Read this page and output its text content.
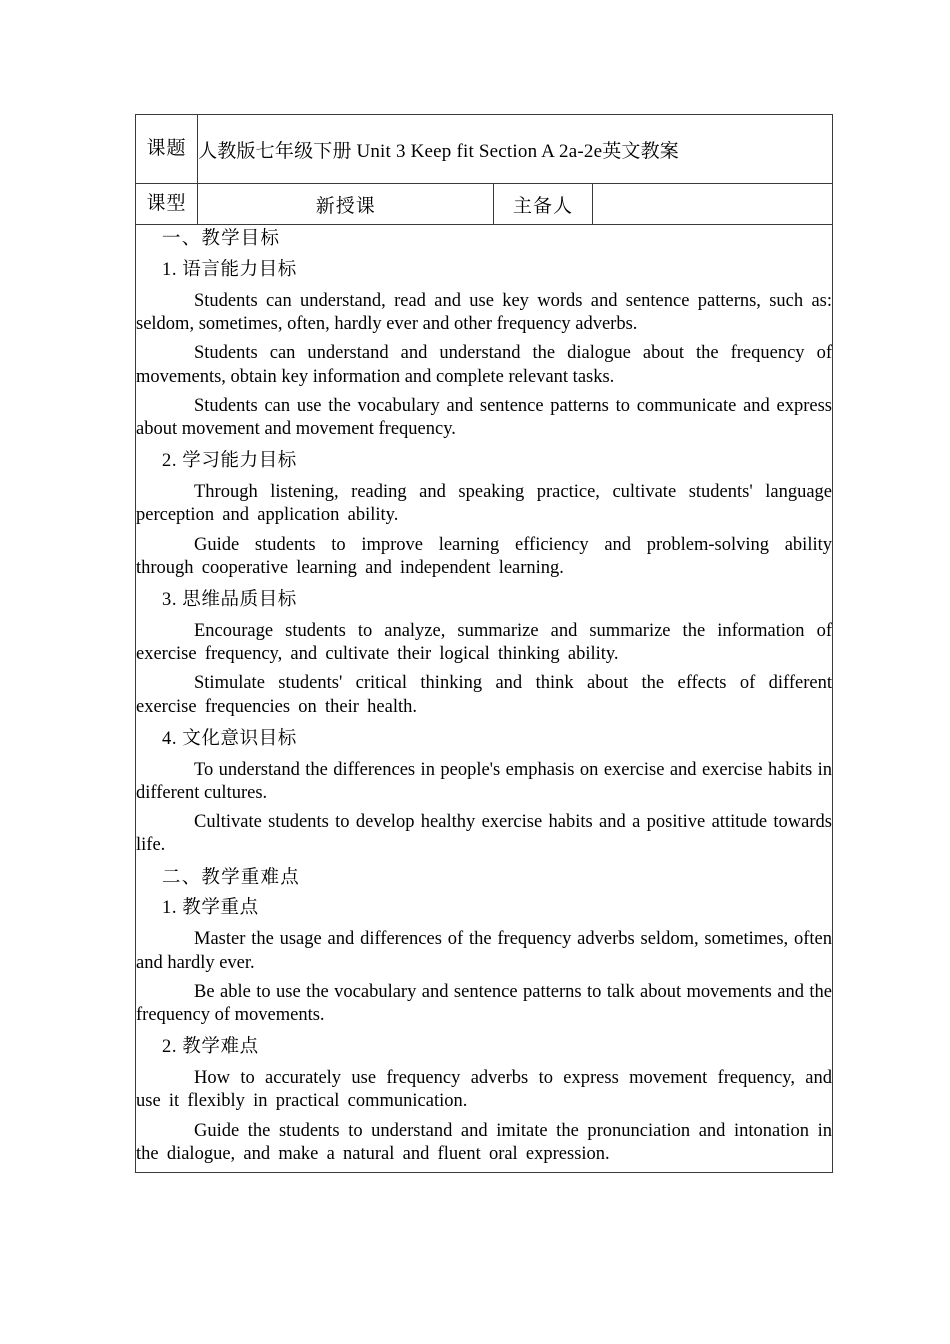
课题	人教版七年级下册 Unit 3 Keep fit Section A 2a-2e英文教案		
课型	新授课	主备人	

一、教学目标
1. 语言能力目标

Students can understand, read and use key words and sentence patterns, such as: seldom, sometimes, often, hardly ever and other frequency adverbs.

Students can understand and understand the dialogue about the frequency of movements, obtain key information and complete relevant tasks.

Students can use the vocabulary and sentence patterns to communicate and express about movement and movement frequency.

2. 学习能力目标

Through listening, reading and speaking practice, cultivate students' language perception and application ability.

Guide students to improve learning efficiency and problem-solving ability through cooperative learning and independent learning.

3. 思维品质目标

Encourage students to analyze, summarize and summarize the information of exercise frequency, and cultivate their logical thinking ability.

Stimulate students' critical thinking and think about the effects of different exercise frequencies on their health.

4. 文化意识目标

To understand the differences in people's emphasis on exercise and exercise habits in different cultures.

Cultivate students to develop healthy exercise habits and a positive attitude towards life.

二、教学重难点
1. 教学重点

Master the usage and differences of the frequency adverbs seldom, sometimes, often and hardly ever.

Be able to use the vocabulary and sentence patterns to talk about movements and the frequency of movements.

2. 教学难点

How to accurately use frequency adverbs to express movement frequency, and use it flexibly in practical communication.

Guide the students to understand and imitate the pronunciation and intonation in the dialogue, and make a natural and fluent oral expression.
